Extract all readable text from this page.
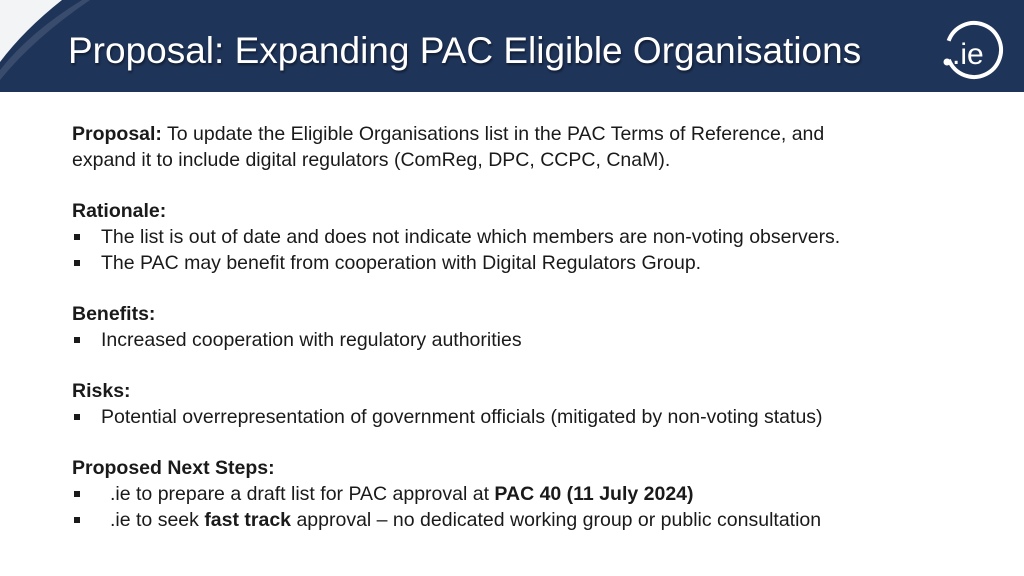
Proposal: Expanding PAC Eligible Organisations	.ie

Proposal: To update the Eligible Organisations list in the PAC Terms of Reference, and
expand it to include digital regulators (ComReg, DPC, CCPC, CnaM).

Rationale:

The list is out of date and does not indicate which members are non-voting observers.

The PAC may benefit from cooperation with Digital Regulators Group.

Benefits:

Increased cooperation with regulatory authorities

Risks:

Potential overrepresentation of government officials (mitigated by non-voting status)

Proposed Next Steps:

.ie to prepare a draft list for PAC approval at PAC 40 (11 July 2024)

.ie to seek fast track approval – no dedicated working group or public consultation
